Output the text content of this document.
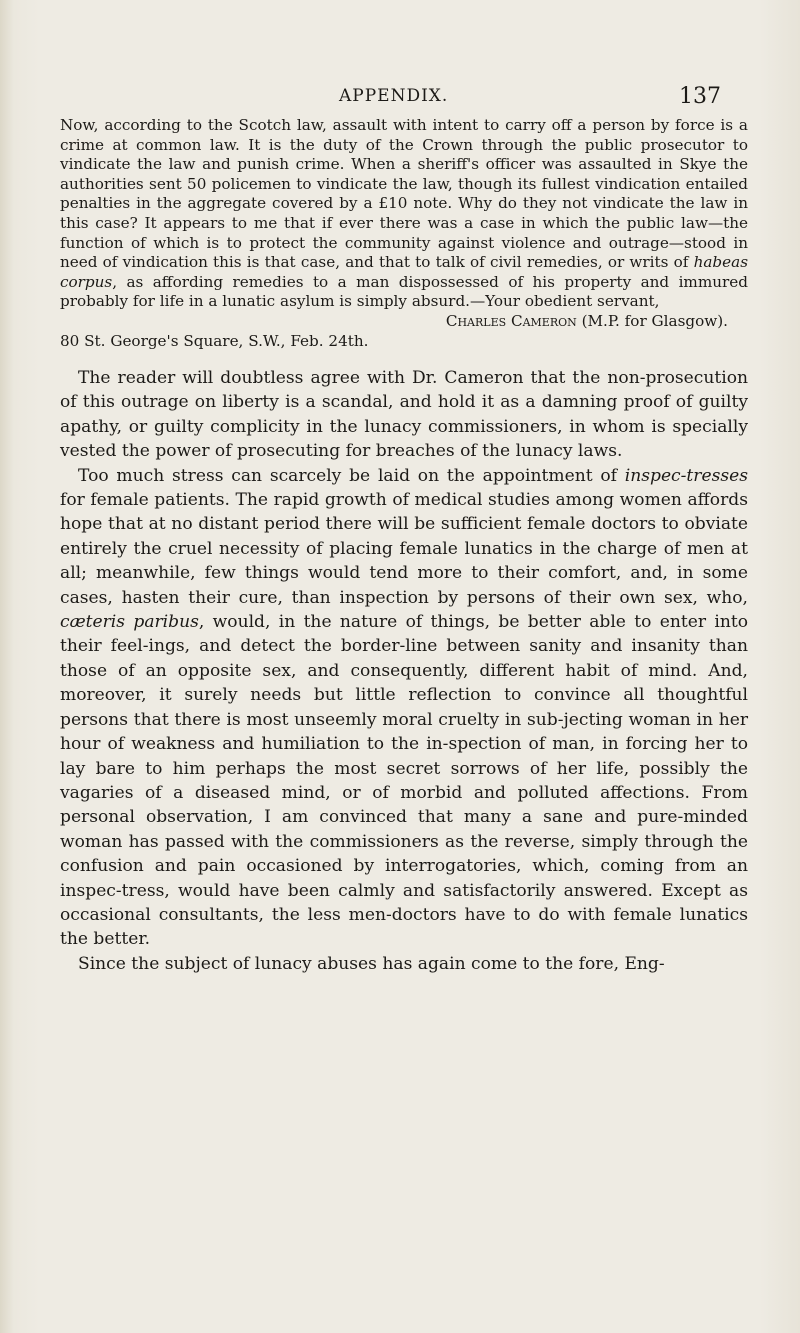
APPENDIX.	137

Now, according to the Scotch law, assault with intent to carry off a person by force is a crime at common law. It is the duty of the Crown through the public prosecutor to vindicate the law and punish crime. When a sheriff's officer was assaulted in Skye the authorities sent 50 policemen to vindicate the law, though its fullest vindication entailed penalties in the aggregate covered by a £10 note. Why do they not vindicate the law in this case? It appears to me that if ever there was a case in which the public law—the function of which is to protect the community against violence and outrage—stood in need of vindication this is that case, and that to talk of civil remedies, or writs of habeas corpus, as affording remedies to a man dispossessed of his property and immured probably for life in a lunatic asylum is simply absurd.—Your obedient servant,

Charles Cameron (M.P. for Glasgow).

80 St. George's Square, S.W., Feb. 24th.

The reader will doubtless agree with Dr. Cameron that the non-prosecution of this outrage on liberty is a scandal, and hold it as a damning proof of guilty apathy, or guilty complicity in the lunacy commissioners, in whom is specially vested the power of prosecuting for breaches of the lunacy laws.

Too much stress can scarcely be laid on the appointment of inspec-tresses for female patients. The rapid growth of medical studies among women affords hope that at no distant period there will be sufficient female doctors to obviate entirely the cruel necessity of placing female lunatics in the charge of men at all; meanwhile, few things would tend more to their comfort, and, in some cases, hasten their cure, than inspection by persons of their own sex, who, cæteris paribus, would, in the nature of things, be better able to enter into their feel-ings, and detect the border-line between sanity and insanity than those of an opposite sex, and consequently, different habit of mind. And, moreover, it surely needs but little reflection to convince all thoughtful persons that there is most unseemly moral cruelty in sub-jecting woman in her hour of weakness and humiliation to the in-spection of man, in forcing her to lay bare to him perhaps the most secret sorrows of her life, possibly the vagaries of a diseased mind, or of morbid and polluted affections. From personal observation, I am convinced that many a sane and pure-minded woman has passed with the commissioners as the reverse, simply through the confusion and pain occasioned by interrogatories, which, coming from an inspec-tress, would have been calmly and satisfactorily answered. Except as occasional consultants, the less men-doctors have to do with female lunatics the better.

Since the subject of lunacy abuses has again come to the fore, Eng-
